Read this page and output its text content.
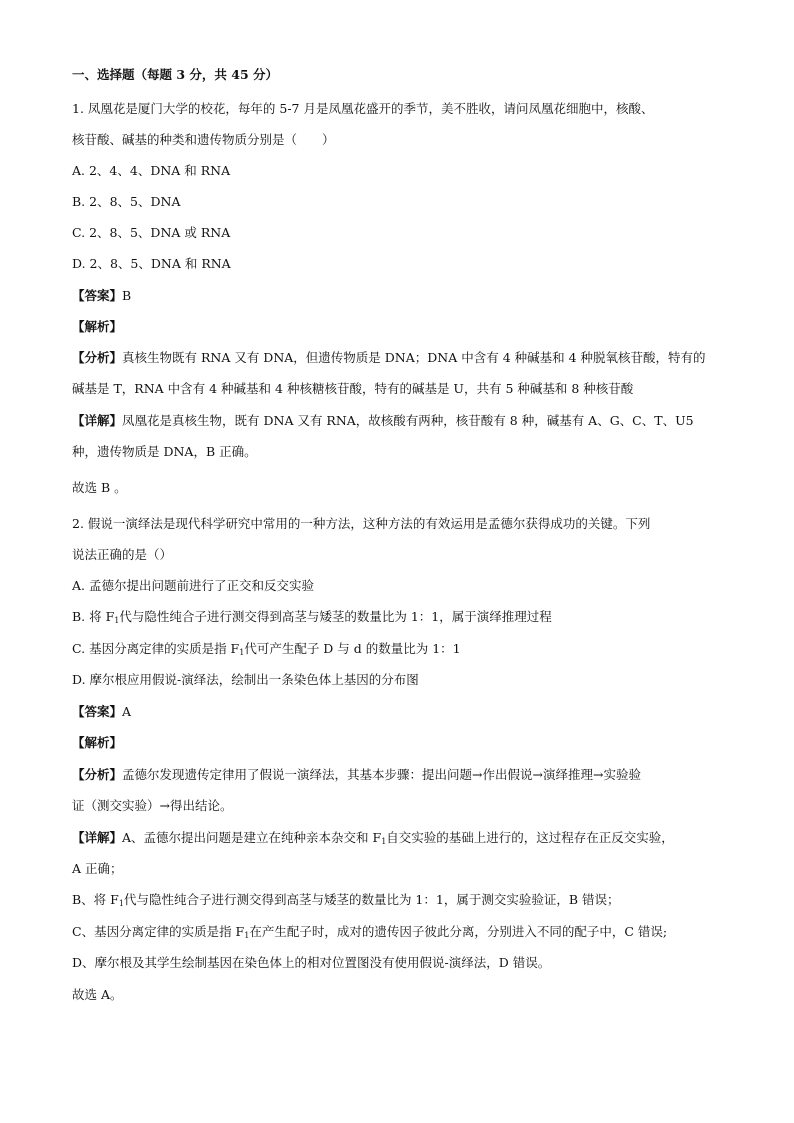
一、选择题（每题 3 分，共 45 分）
1. 凤凰花是厦门大学的校花，每年的 5-7 月是凤凰花盛开的季节，美不胜收，请问凤凰花细胞中，核酸、
核苷酸、碱基的种类和遗传物质分别是（　　）
A. 2、4、4、DNA 和 RNA
B. 2、8、5、DNA
C. 2、8、5、DNA 或 RNA
D. 2、8、5、DNA 和 RNA
【答案】B
【解析】
【分析】真核生物既有 RNA 又有 DNA，但遗传物质是 DNA；DNA 中含有 4 种碱基和 4 种脱氧核苷酸，特有的
碱基是 T，RNA 中含有 4 种碱基和 4 种核糖核苷酸，特有的碱基是 U，共有 5 种碱基和 8 种核苷酸
【详解】凤凰花是真核生物，既有 DNA 又有 RNA，故核酸有两种，核苷酸有 8 种，碱基有 A、G、C、T、U5
种，遗传物质是 DNA，B 正确。
故选 B 。
2. 假说一演绎法是现代科学研究中常用的一种方法，这种方法的有效运用是孟德尔获得成功的关键。下列
说法正确的是（）
A. 孟德尔提出问题前进行了正交和反交实验
B. 将 $F_1$代与隐性纯合子进行测交得到高茎与矮茎的数量比为 1：1，属于演绎推理过程
C. 基因分离定律的实质是指 $F_1$代可产生配子 D 与 d 的数量比为 1：1
D. 摩尔根应用假说-演绎法，绘制出一条染色体上基因的分布图
【答案】A
【解析】
【分析】孟德尔发现遗传定律用了假说一演绎法，其基本步骤：提出问题→作出假说→演绎推理→实验验
证（测交实验）→得出结论。
【详解】A、孟德尔提出问题是建立在纯种亲本杂交和 $F_1$自交实验的基础上进行的，这过程存在正反交实验，
A 正确；
B、将 $F_1$代与隐性纯合子进行测交得到高茎与矮茎的数量比为 1：1，属于测交实验验证，B 错误；
C、基因分离定律的实质是指 $F_1$在产生配子时，成对的遗传因子彼此分离，分别进入不同的配子中，C 错误;
D、摩尔根及其学生绘制基因在染色体上的相对位置图没有使用假说-演绎法，D 错误。
故选 A。
